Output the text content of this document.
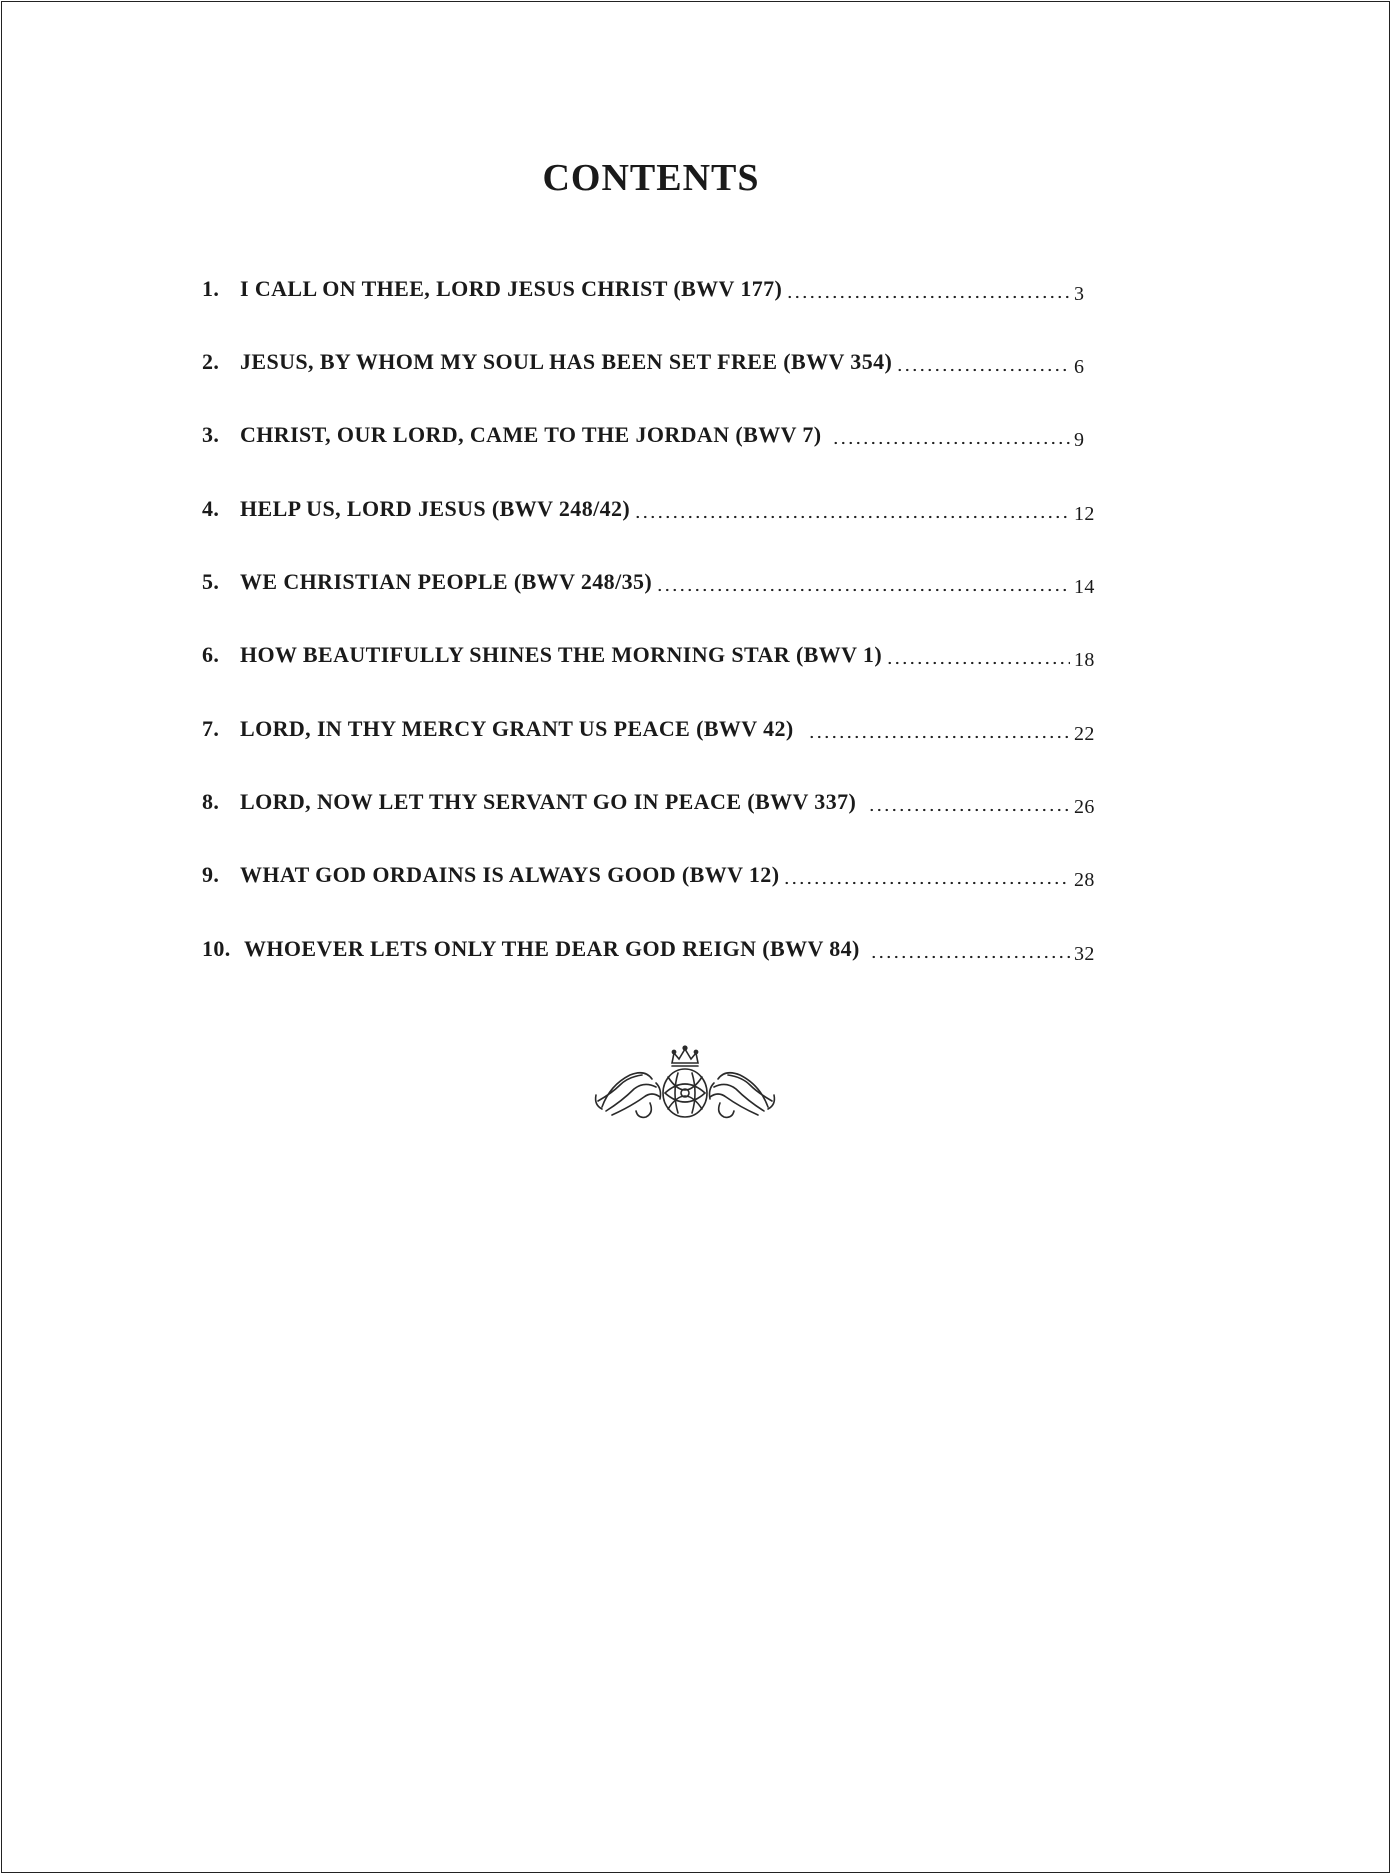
CONTENTS
1. I CALL ON THEE, LORD JESUS CHRIST (BWV 177)	3
2. JESUS, BY WHOM MY SOUL HAS BEEN SET FREE (BWV 354)	6
3. CHRIST, OUR LORD, CAME TO THE JORDAN (BWV 7)	9
4. HELP US, LORD JESUS (BWV 248/42)	12
5. WE CHRISTIAN PEOPLE (BWV 248/35)	14
6. HOW BEAUTIFULLY SHINES THE MORNING STAR (BWV 1)	18
7. LORD, IN THY MERCY GRANT US PEACE (BWV 42)	22
8. LORD, NOW LET THY SERVANT GO IN PEACE (BWV 337)	26
9. WHAT GOD ORDAINS IS ALWAYS GOOD (BWV 12)	28
10. WHOEVER LETS ONLY THE DEAR GOD REIGN (BWV 84)	32
